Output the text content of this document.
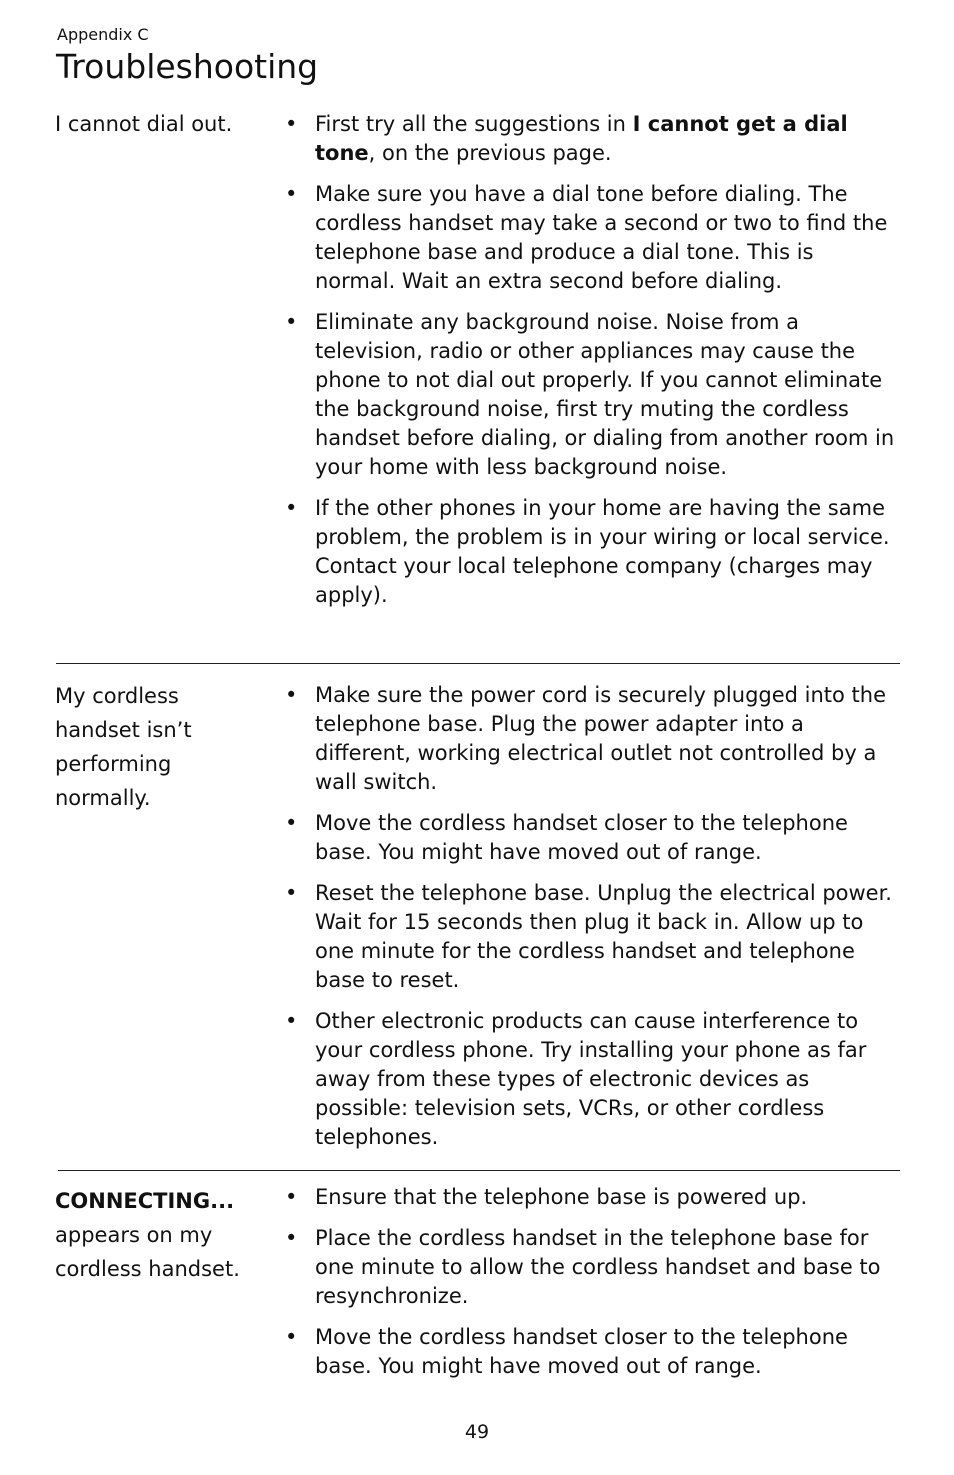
Appendix C
Troubleshooting
I cannot dial out.
•	First try all the suggestions in I cannot get a dial tone, on the previous page.
• Make sure you have a dial tone before dialing. The cordless handset may take a second or two to find the telephone base and produce a dial tone. This is normal. Wait an extra second before dialing.
• Eliminate any background noise. Noise from a television, radio or other appliances may cause the phone to not dial out properly. If you cannot eliminate the background noise, first try muting the cordless handset before dialing, or dialing from another room in your home with less background noise.
• If the other phones in your home are having the same problem, the problem is in your wiring or local service. Contact your local telephone company (charges may apply).
My cordless handset isn’t performing normally.
• Make sure the power cord is securely plugged into the telephone base. Plug the power adapter into a different, working electrical outlet not controlled by a wall switch.
• Move the cordless handset closer to the telephone base. You might have moved out of range.
• Reset the telephone base. Unplug the electrical power. Wait for 15 seconds then plug it back in. Allow up to one minute for the cordless handset and telephone base to reset.
• Other electronic products can cause interference to your cordless phone. Try installing your phone as far away from these types of electronic devices as possible: television sets, VCRs, or other cordless telephones.
CONNECTING...
appears on my cordless handset.
• Ensure that the telephone base is powered up.
• Place the cordless handset in the telephone base for one minute to allow the cordless handset and base to resynchronize.
• Move the cordless handset closer to the telephone base. You might have moved out of range.
49
